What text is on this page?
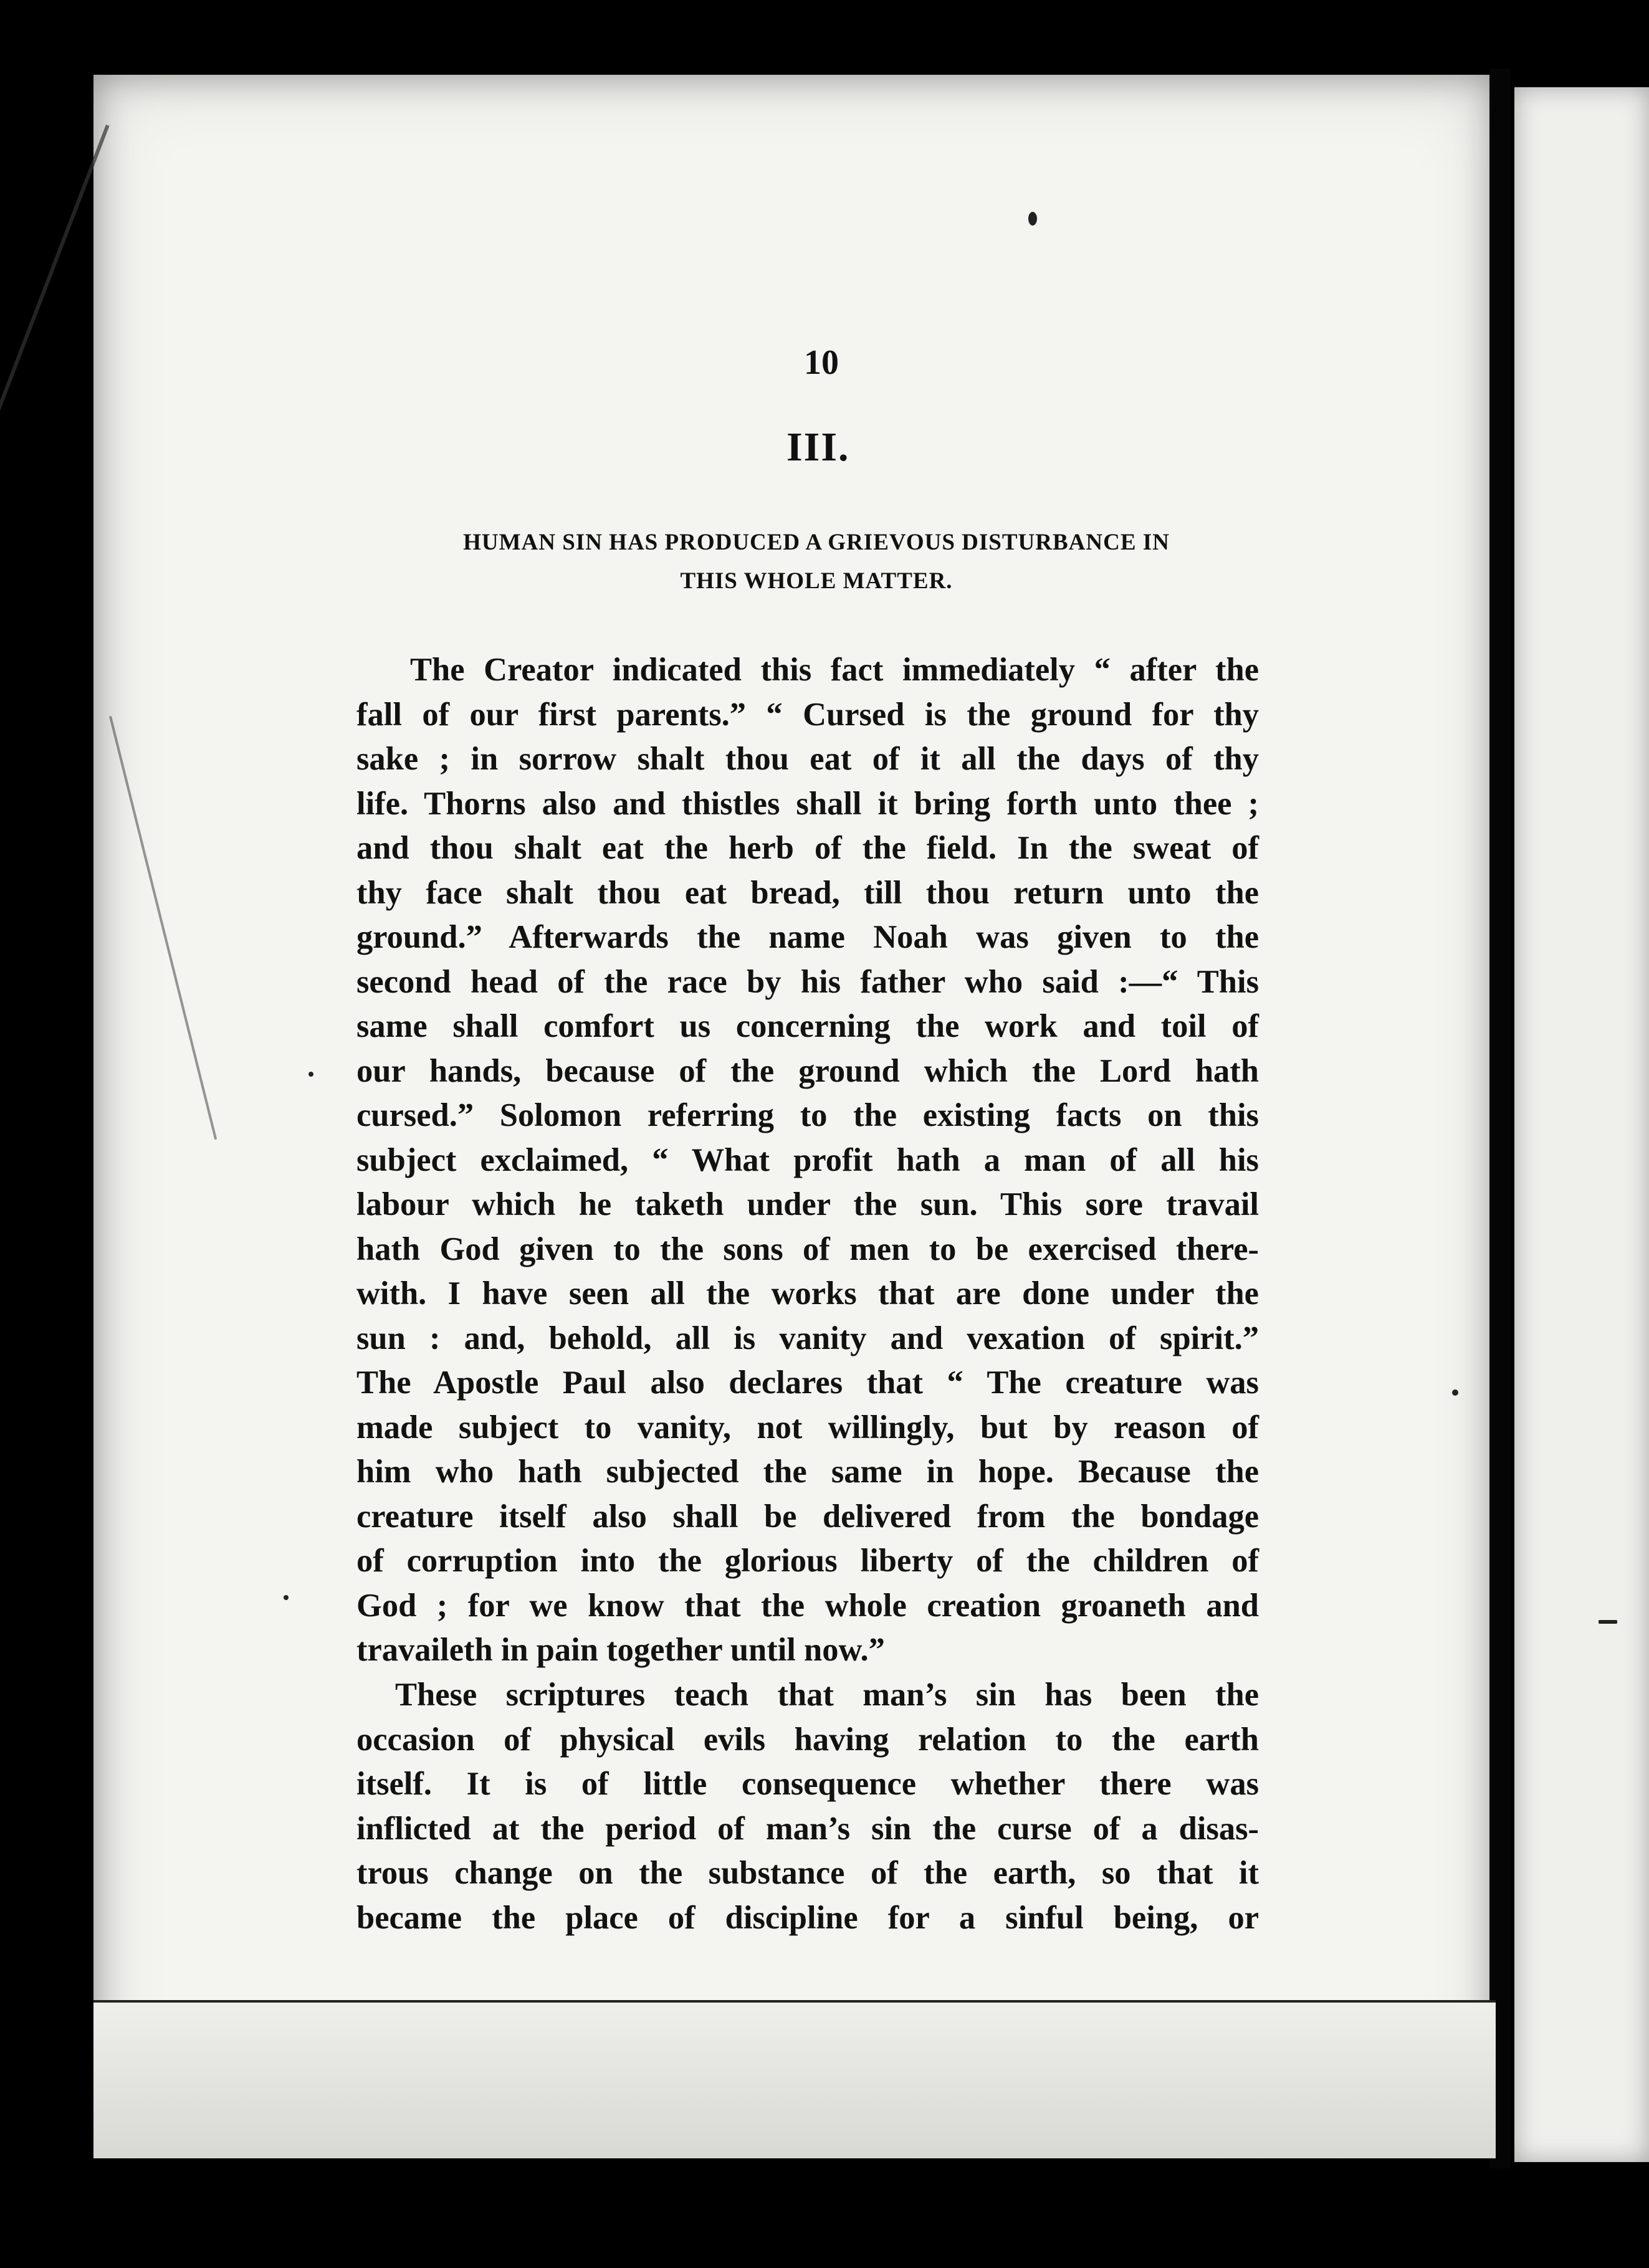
10
III.
HUMAN SIN HAS PRODUCED A GRIEVOUS DISTURBANCE IN
THIS WHOLE MATTER.
The Creator indicated this fact immediately “ after the
fall of our first parents.” “ Cursed is the ground for thy
sake ; in sorrow shalt thou eat of it all the days of thy
life. Thorns also and thistles shall it bring forth unto thee ;
and thou shalt eat the herb of the field. In the sweat of
thy face shalt thou eat bread, till thou return unto the
ground.” Afterwards the name Noah was given to the
second head of the race by his father who said :—“ This
same shall comfort us concerning the work and toil of
our hands, because of the ground which the Lord hath
cursed.” Solomon referring to the existing facts on this
subject exclaimed, “ What profit hath a man of all his
labour which he taketh under the sun. This sore travail
hath God given to the sons of men to be exercised there-
with. I have seen all the works that are done under the
sun : and, behold, all is vanity and vexation of spirit.”
The Apostle Paul also declares that “ The creature was
made subject to vanity, not willingly, but by reason of
him who hath subjected the same in hope. Because the
creature itself also shall be delivered from the bondage
of corruption into the glorious liberty of the children of
God ; for we know that the whole creation groaneth and
travaileth in pain together until now.”
These scriptures teach that man’s sin has been the
occasion of physical evils having relation to the earth
itself. It is of little consequence whether there was
inflicted at the period of man’s sin the curse of a disas-
trous change on the substance of the earth, so that it
became the place of discipline for a sinful being, or
